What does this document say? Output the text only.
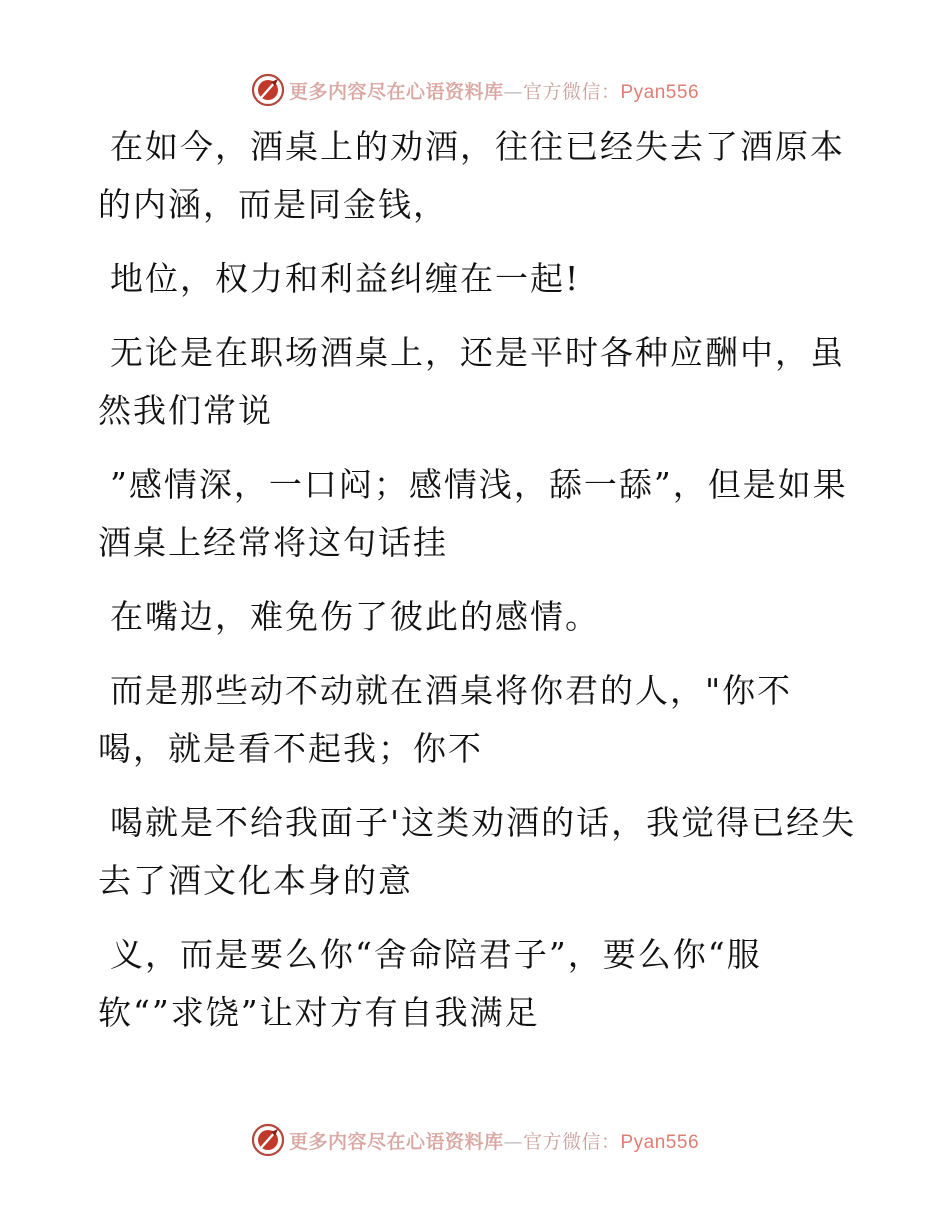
更多内容尽在心语资料库—官方微信：Pyan556

在如今，酒桌上的劝酒，往往已经失去了酒原本的内涵，而是同金钱，

地位，权力和利益纠缠在一起!

无论是在职场酒桌上，还是平时各种应酬中，虽然我们常说

”感情深，一口闷；感情浅，舔一舔”，但是如果酒桌上经常将这句话挂

在嘴边，难免伤了彼此的感情。

而是那些动不动就在酒桌将你君的人，"你不喝，就是看不起我；你不

喝就是不给我面子'这类劝酒的话，我觉得已经失去了酒文化本身的意

义，而是要么你“舍命陪君子”，要么你“服软“”求饶”让对方有自我满足

更多内容尽在心语资料库—官方微信：Pyan556
